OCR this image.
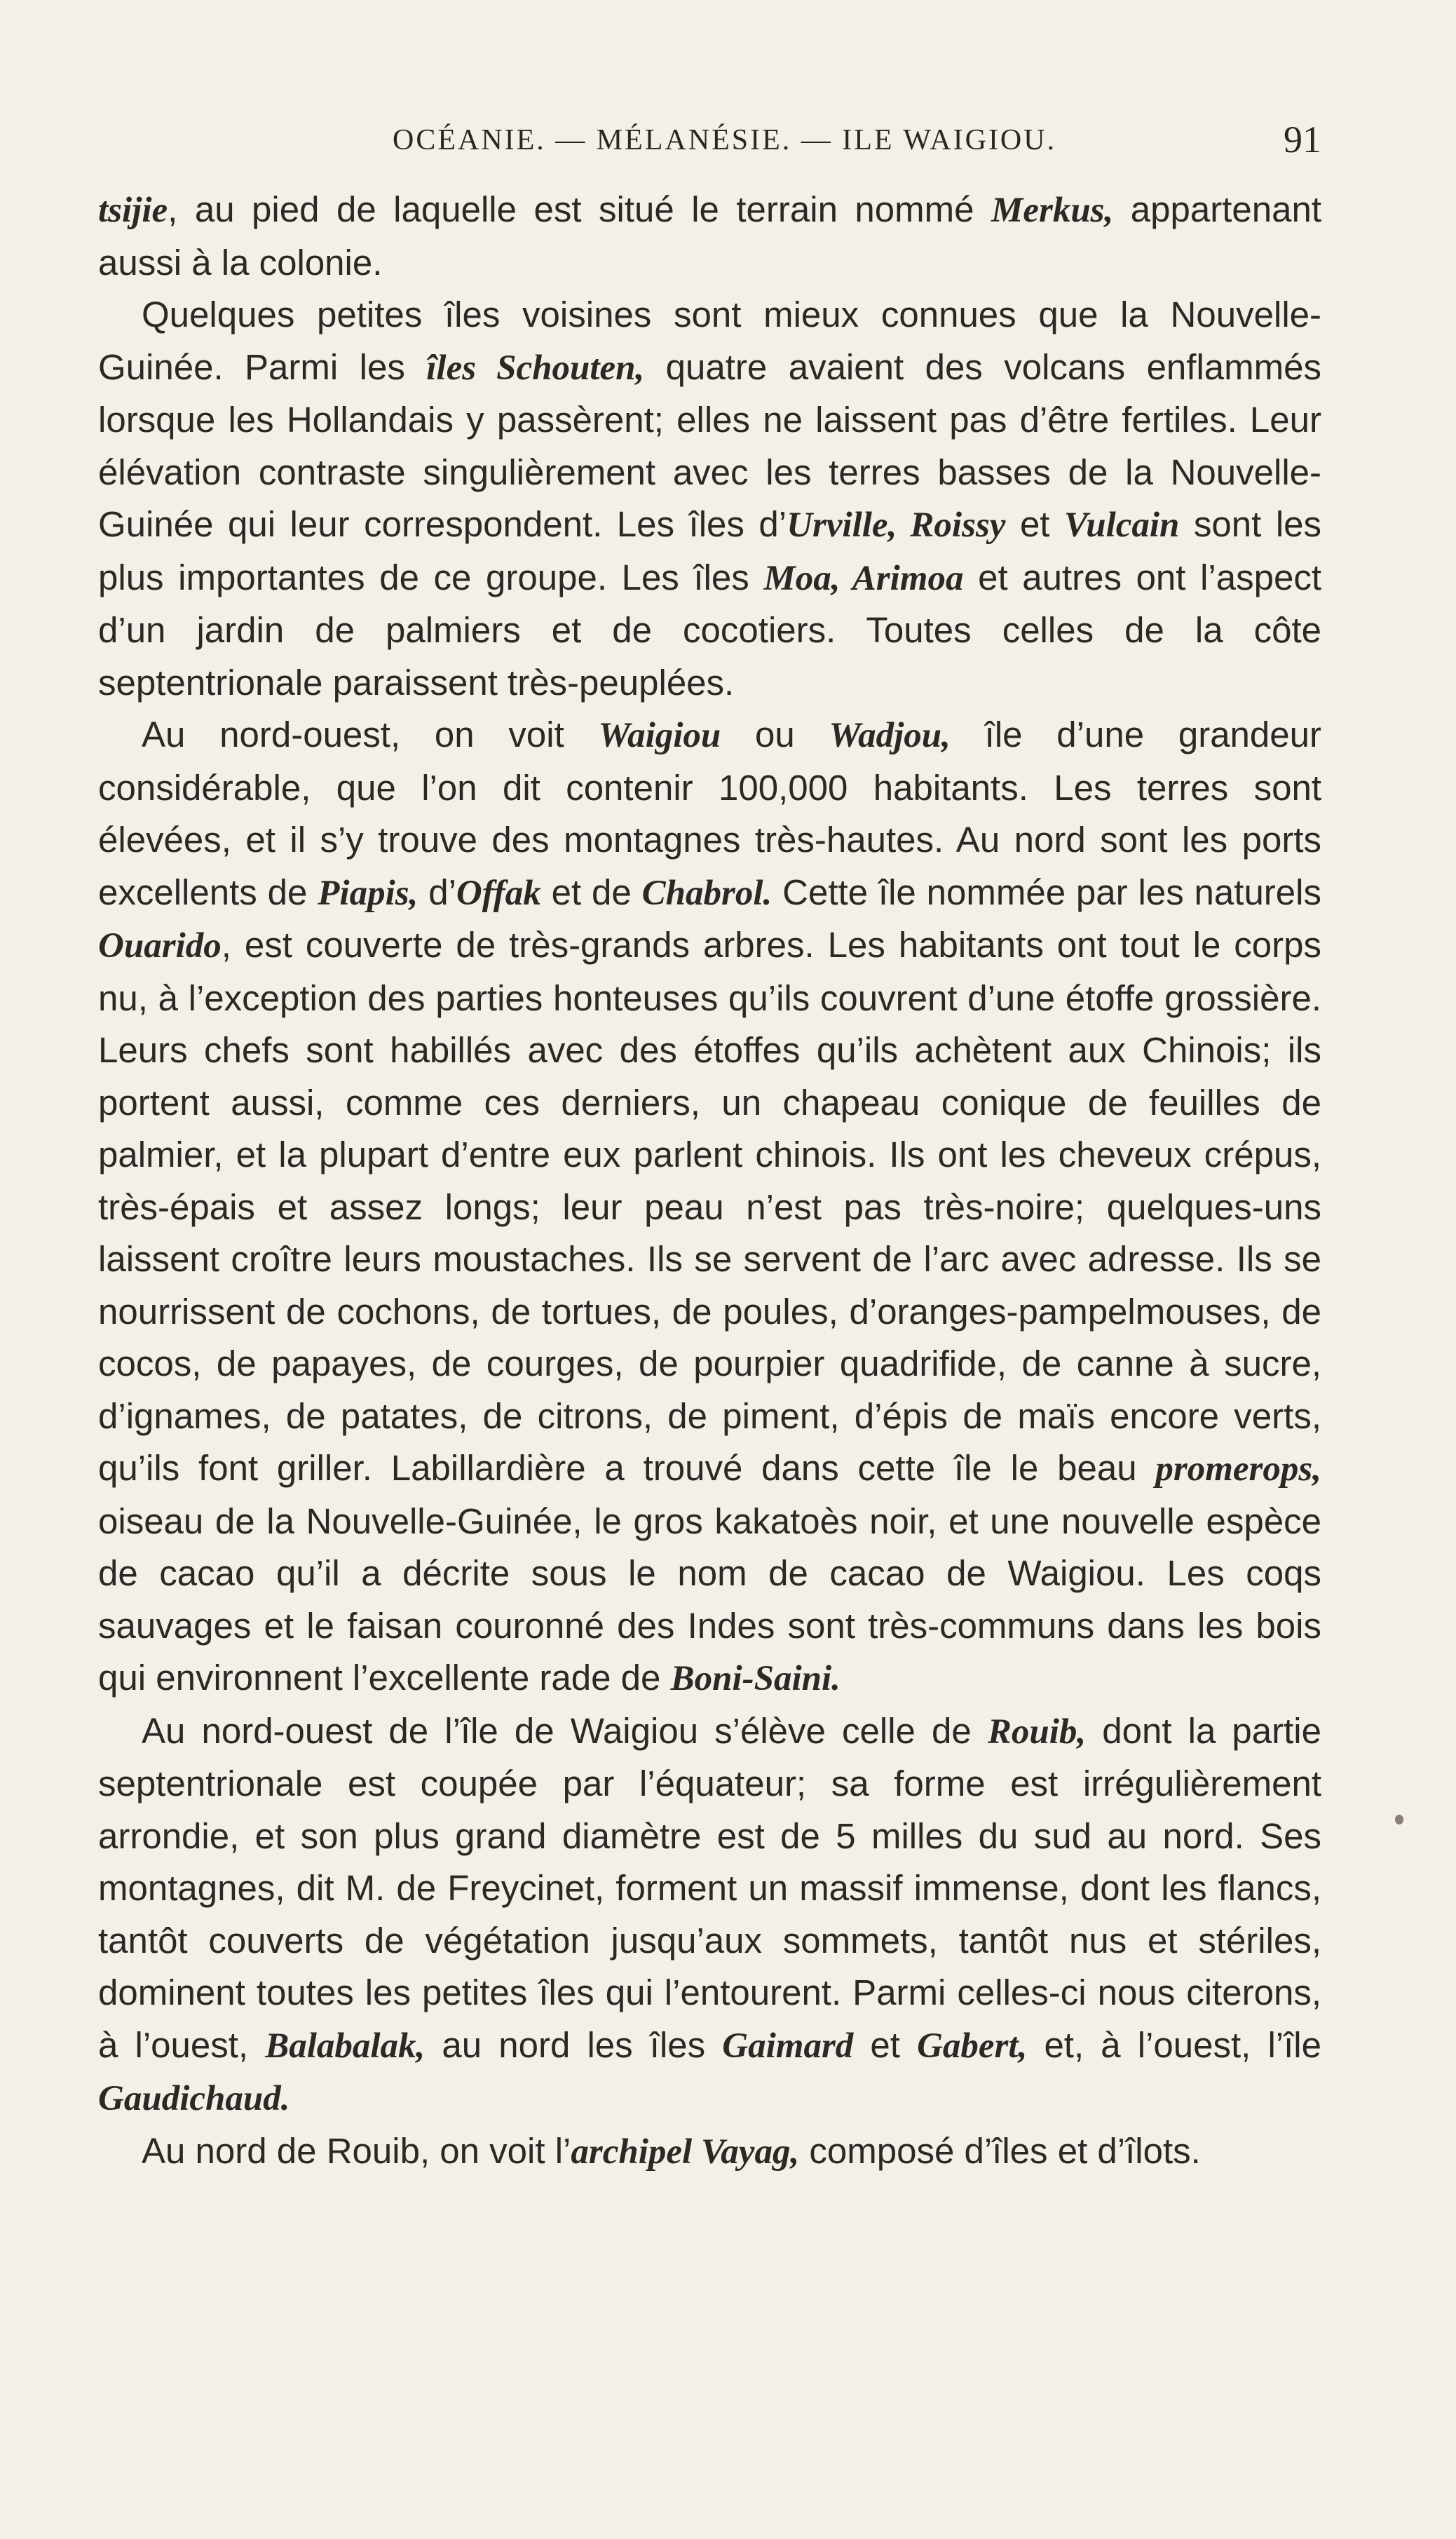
OCÉANIE. — MÉLANÉSIE. — ILE WAIGIOU.	91

tsijie, au pied de laquelle est situé le terrain nommé Merkus, appartenant aussi à la colonie.

Quelques petites îles voisines sont mieux connues que la Nouvelle-Guinée. Parmi les îles Schouten, quatre avaient des volcans enflammés lorsque les Hollandais y passèrent; elles ne laissent pas d’être fertiles. Leur élévation contraste singulièrement avec les terres basses de la Nouvelle-Guinée qui leur correspondent. Les îles d’Urville, Roissy et Vulcain sont les plus importantes de ce groupe. Les îles Moa, Arimoa et autres ont l’aspect d’un jardin de palmiers et de cocotiers. Toutes celles de la côte septentrionale paraissent très-peuplées.

Au nord-ouest, on voit Waigiou ou Wadjou, île d’une grandeur considérable, que l’on dit contenir 100,000 habitants. Les terres sont élevées, et il s’y trouve des montagnes très-hautes. Au nord sont les ports excellents de Piapis, d’Offak et de Chabrol. Cette île nommée par les naturels Ouarido, est couverte de très-grands arbres. Les habitants ont tout le corps nu, à l’exception des parties honteuses qu’ils couvrent d’une étoffe grossière. Leurs chefs sont habillés avec des étoffes qu’ils achètent aux Chinois; ils portent aussi, comme ces derniers, un chapeau conique de feuilles de palmier, et la plupart d’entre eux parlent chinois. Ils ont les cheveux crépus, très-épais et assez longs; leur peau n’est pas très-noire; quelques-uns laissent croître leurs moustaches. Ils se servent de l’arc avec adresse. Ils se nourrissent de cochons, de tortues, de poules, d’oranges-pampelmouses, de cocos, de papayes, de courges, de pourpier quadrifide, de canne à sucre, d’ignames, de patates, de citrons, de piment, d’épis de maïs encore verts, qu’ils font griller. Labillardière a trouvé dans cette île le beau promerops, oiseau de la Nouvelle-Guinée, le gros kakatoès noir, et une nouvelle espèce de cacao qu’il a décrite sous le nom de cacao de Waigiou. Les coqs sauvages et le faisan couronné des Indes sont très-communs dans les bois qui environnent l’excellente rade de Boni-Saini.

Au nord-ouest de l’île de Waigiou s’élève celle de Rouib, dont la partie septentrionale est coupée par l’équateur; sa forme est irrégulièrement arrondie, et son plus grand diamètre est de 5 milles du sud au nord. Ses montagnes, dit M. de Freycinet, forment un massif immense, dont les flancs, tantôt couverts de végétation jusqu’aux sommets, tantôt nus et stériles, dominent toutes les petites îles qui l’entourent. Parmi celles-ci nous citerons, à l’ouest, Balabalak, au nord les îles Gaimard et Gabert, et, à l’ouest, l’île Gaudichaud.

Au nord de Rouib, on voit l’archipel Vayag, composé d’îles et d’îlots.
